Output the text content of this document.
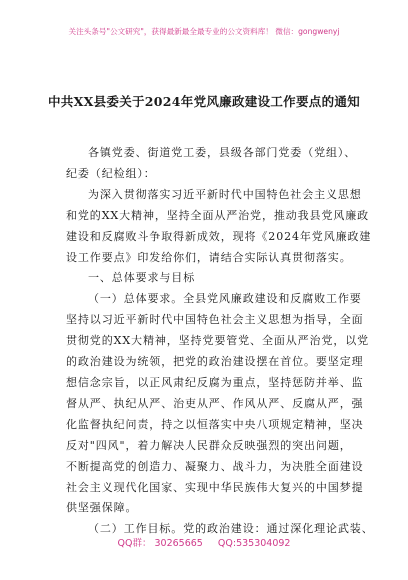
关注头条号"公文研究"，获得最新最全最专业的公文资料库！ 微信：gongwenyj
中共XX县委关于2024年党风廉政建设工作要点的通知

各镇党委、街道党工委，县级各部门党委（党组）、

纪委（纪检组）：

为深入贯彻落实习近平新时代中国特色社会主义思想

和党的XX大精神，坚持全面从严治党，推动我县党风廉政

建设和反腐败斗争取得新成效，现将《2024年党风廉政建

设工作要点》印发给你们，请结合实际认真贯彻落实。

一、总体要求与目标

（一）总体要求。全县党风廉政建设和反腐败工作要

坚持以习近平新时代中国特色社会主义思想为指导，全面

贯彻党的XX大精神，坚持党要管党、全面从严治党，以党

的政治建设为统领，把党的政治建设摆在首位。要坚定理

想信念宗旨，以正风肃纪反腐为重点，坚持惩防并举、监

督从严、执纪从严、治吏从严、作风从严、反腐从严，强

化监督执纪问责，持之以恒落实中央八项规定精神，坚决

反对"四风"，着力解决人民群众反映强烈的突出问题，

不断提高党的创造力、凝聚力、战斗力，为决胜全面建设

社会主义现代化国家、实现中华民族伟大复兴的中国梦提

供坚强保障。

（二）工作目标。党的政治建设：通过深化理论武装、

QQ群： 30265665     QQ:535304092
